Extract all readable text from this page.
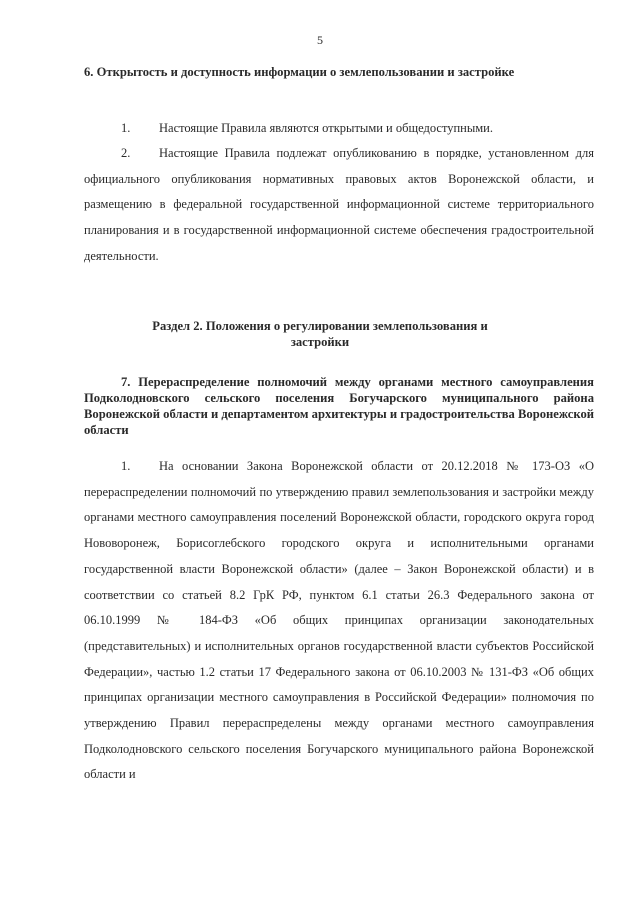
5
6. Открытость и доступность информации о землепользовании и застройке

1. Настоящие Правила являются открытыми и общедоступными.

2. Настоящие Правила подлежат опубликованию в порядке, установленном для официального опубликования нормативных правовых актов Воронежской области, и размещению в федеральной государственной информационной системе территориального планирования и в государственной информационной системе обеспечения градостроительной деятельности.

Раздел 2. Положения о регулировании землепользования и застройки
7. Перераспределение полномочий между органами местного самоуправления Подколодновского сельского поселения Богучарского муниципального района Воронежской области и департаментом архитектуры и градостроительства Воронежской области

1. На основании Закона Воронежской области от 20.12.2018 № 173-ОЗ «О перераспределении полномочий по утверждению правил землепользования и застройки между органами местного самоуправления поселений Воронежской области, городского округа город Нововоронеж, Борисоглебского городского округа и исполнительными органами государственной власти Воронежской области» (далее – Закон Воронежской области) и в соответствии со статьей 8.2 ГрК РФ, пунктом 6.1 статьи 26.3 Федерального закона от 06.10.1999 № 184-ФЗ «Об общих принципах организации законодательных (представительных) и исполнительных органов государственной власти субъектов Российской Федерации», частью 1.2 статьи 17 Федерального закона от 06.10.2003 № 131-ФЗ «Об общих принципах организации местного самоуправления в Российской Федерации» полномочия по утверждению Правил перераспределены между органами местного самоуправления Подколодновского сельского поселения Богучарского муниципального района Воронежской области и
